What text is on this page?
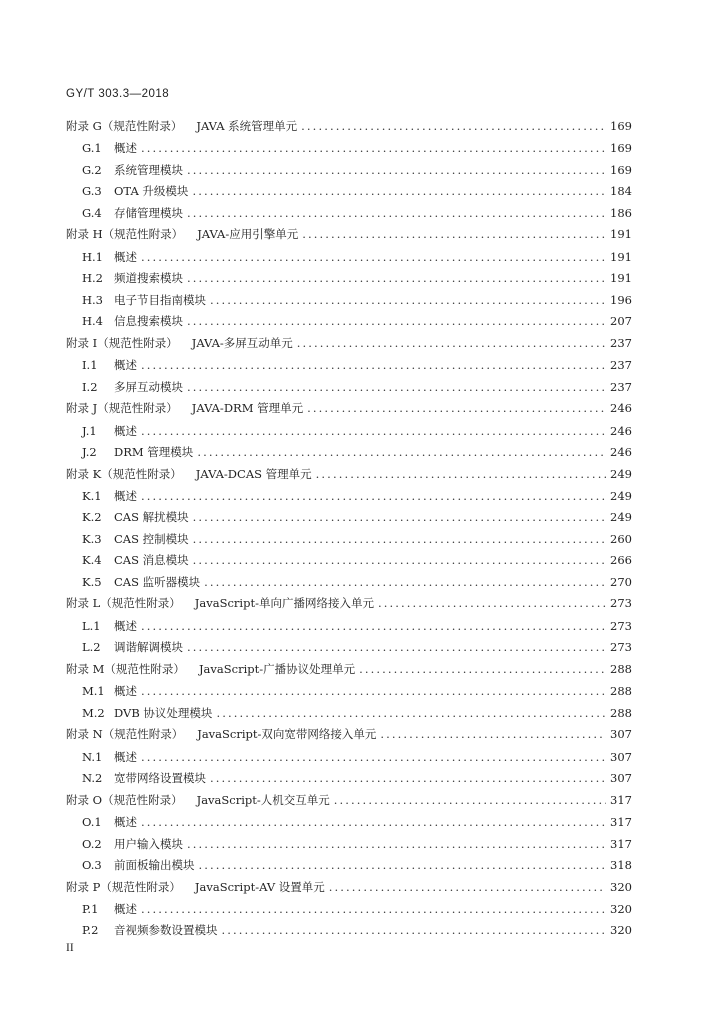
GY/T 303.3—2018
附录 G（规范性附录） JAVA 系统管理单元 .....	169
G.1	概述 .....	169
G.2	系统管理模块 .....	169
G.3	OTA 升级模块 .....	184
G.4	存储管理模块 .....	186
附录 H（规范性附录） JAVA-应用引擎单元 .....	191
H.1 概述 .....	191
H.2 频道搜索模块 .....	191
H.3 电子节目指南模块 .....	196
H.4 信息搜索模块 .....	207
附录 I（规范性附录） JAVA-多屏互动单元 .....	237
I.1	概述 .....	237
I.2	多屏互动模块 .....	237
附录 J（规范性附录） JAVA-DRM 管理单元 .....	246
J.1	概述 .....	246
J.2	DRM 管理模块 .....	246
附录 K（规范性附录） JAVA-DCAS 管理单元 .....	249
K.1	概述 .....	249
K.2	CAS 解扰模块 .....	249
K.3	CAS 控制模块 .....	260
K.4	CAS 消息模块 .....	266
K.5	CAS 监听器模块 .....	270
附录 L（规范性附录） JavaScript-单向广播网络接入单元 .....	273
L.1	概述 .....	273
L.2	调谐解调模块 .....	273
附录 M（规范性附录） JavaScript-广播协议处理单元 .....	288
M.1 概述 .....	288
M.2 DVB 协议处理模块 .....	288
附录 N（规范性附录） JavaScript-双向宽带网络接入单元 .....	307
N.1	概述 .....	307
N.2	宽带网络设置模块 .....	307
附录 O（规范性附录） JavaScript-人机交互单元 .....	317
O.1	概述 .....	317
O.2	用户输入模块 .....	317
O.3	前面板输出模块 .....	318
附录 P（规范性附录） JavaScript-AV 设置单元 .....	320
P.1	概述 .....	320
P.2	音视频参数设置模块 .....	320
II
